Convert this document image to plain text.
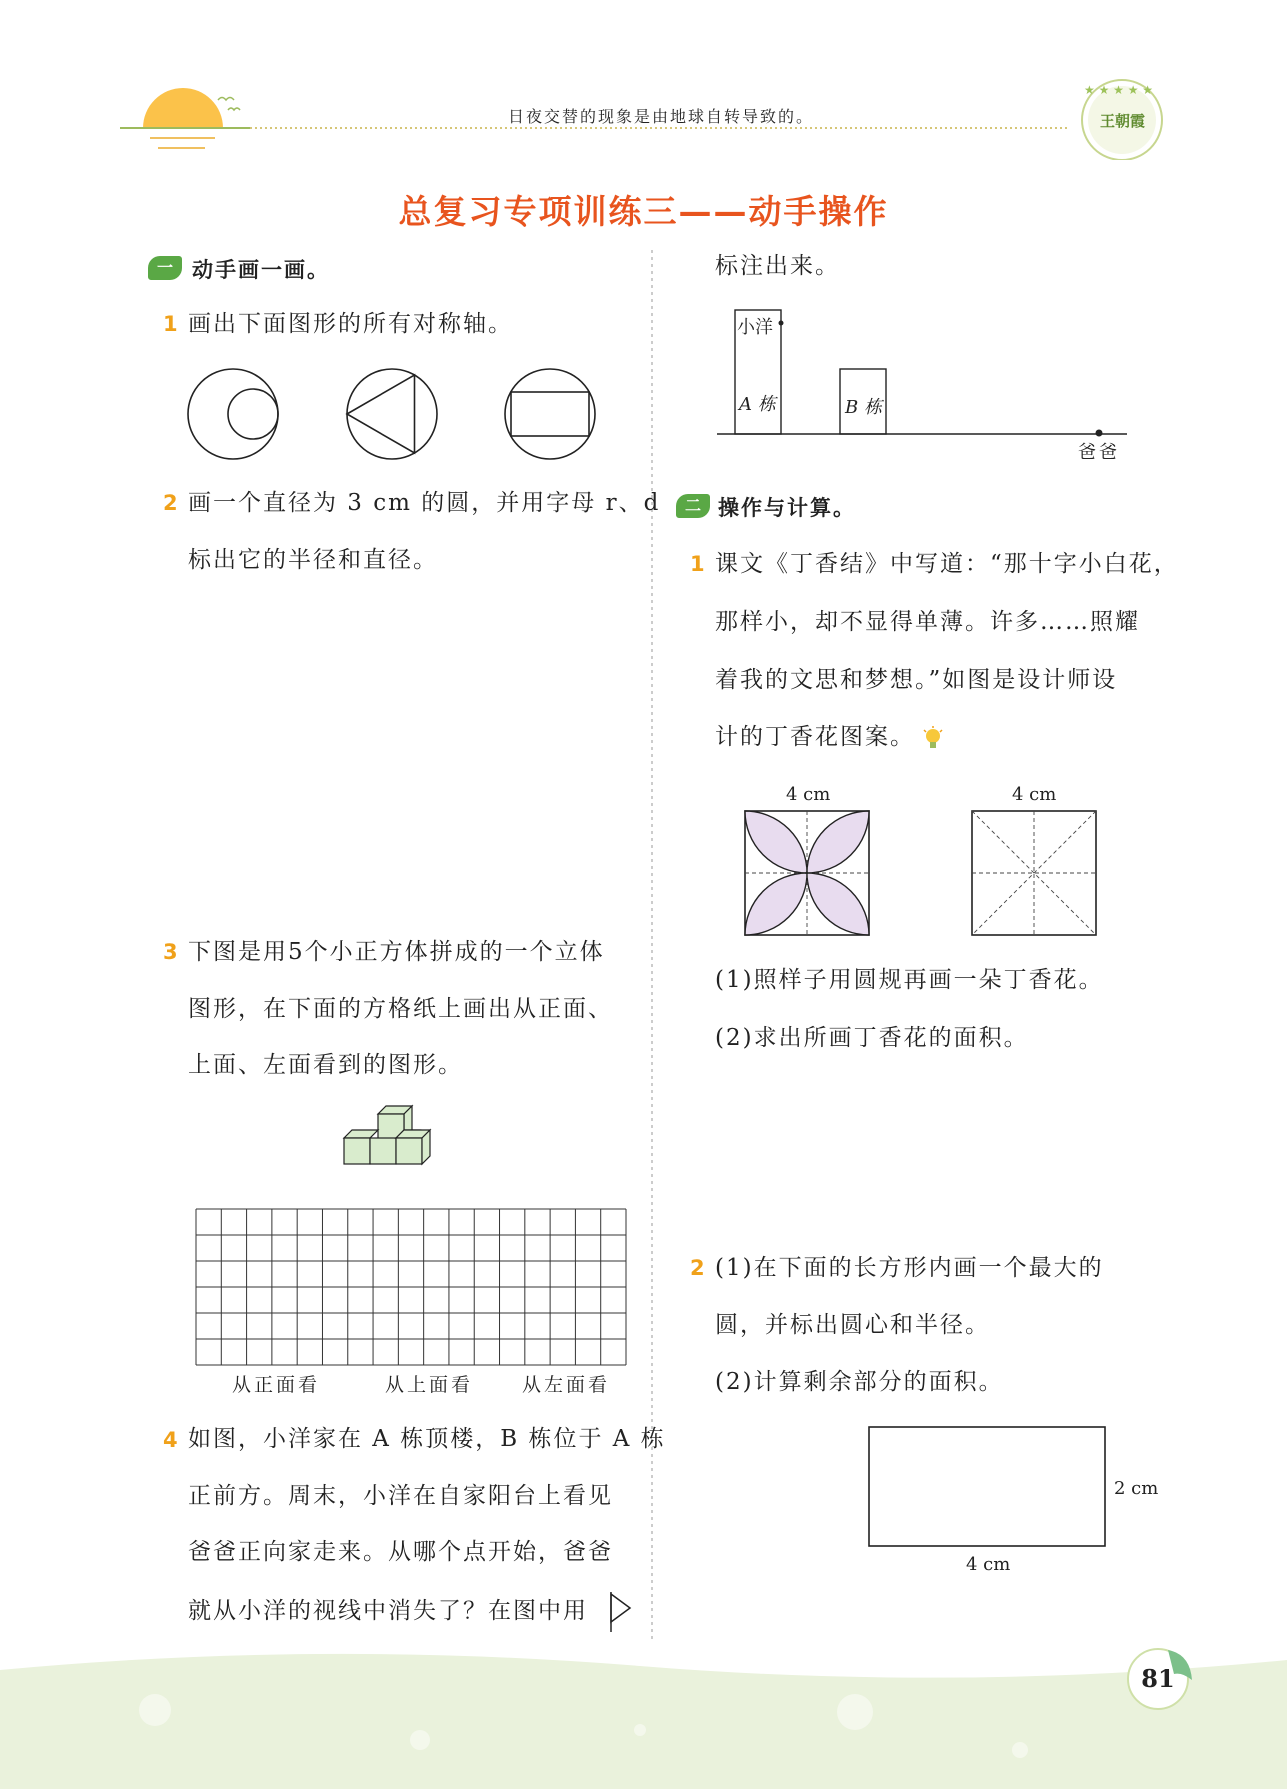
★ ★ ★ ★ ★
日夜交替的现象是由地球自转导致的。	王朝霞
总复习专项训练三——动手操作
一 动手画一画。
1 画出下面图形的所有对称轴。
2 画一个直径为 3 cm 的圆，并用字母 r、d
标出它的半径和直径。
3 下图是用5个小正方体拼成的一个立体
图形，在下面的方格纸上画出从正面、
上面、左面看到的图形。
从正面看	从上面看	从左面看
4 如图，小洋家在 A 栋顶楼，B 栋位于 A 栋
正前方。周末，小洋在自家阳台上看见
爸爸正向家走来。从哪个点开始，爸爸
就从小洋的视线中消失了？在图中用
标注出来。
小洋
A 栋	B 栋
爸爸
二 操作与计算。
1 课文《丁香结》中写道：“那十字小白花，
那样小，却不显得单薄。许多……照耀
着我的文思和梦想。”如图是设计师设
计的丁香花图案。
4 cm	4 cm
(1)照样子用圆规再画一朵丁香花。
(2)求出所画丁香花的面积。
2 (1)在下面的长方形内画一个最大的
圆，并标出圆心和半径。
(2)计算剩余部分的面积。
2 cm
4 cm
81
